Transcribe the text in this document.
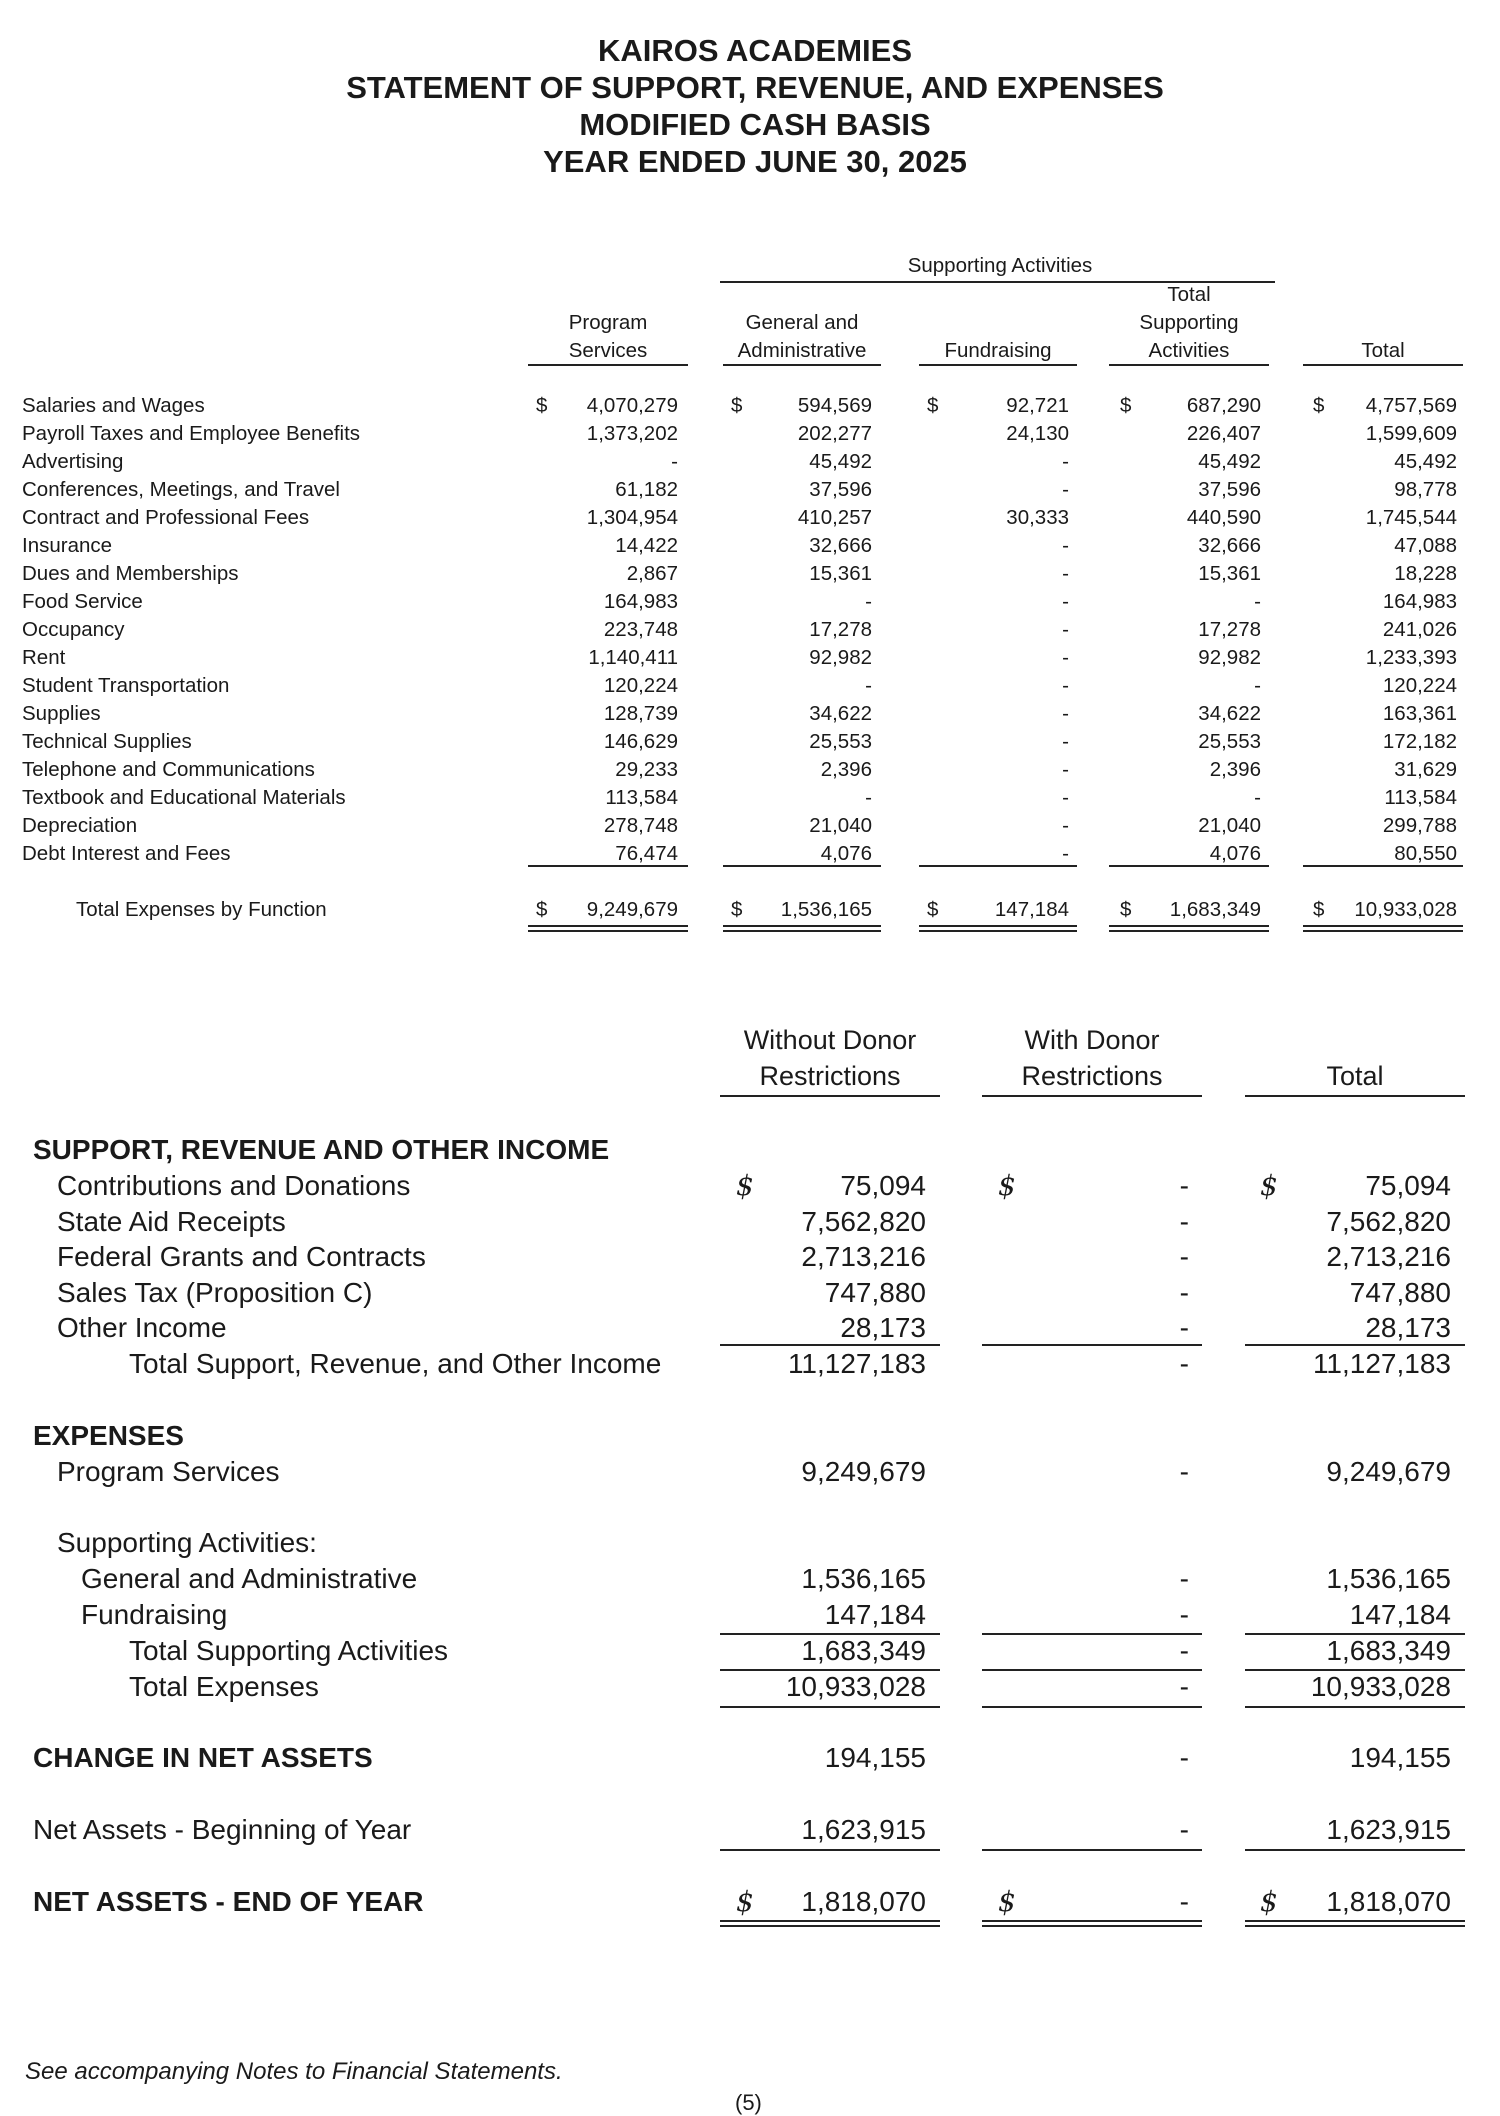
KAIROS ACADEMIES
STATEMENT OF SUPPORT, REVENUE, AND EXPENSES
MODIFIED CASH BASIS
YEAR ENDED JUNE 30, 2025
Supporting Activities
Program
Services
General and
Administrative	Fundraising
Total
Supporting
Activities	Total
Salaries and Wages	$	4,070,279	$	594,569	$	92,721 $	687,290	$	4,757,569
Payroll Taxes and Employee Benefits	1,373,202	202,277	24,130	226,407	1,599,609
Advertising	-	45,492	-	45,492	45,492
Conferences, Meetings, and Travel	61,182	37,596	-	37,596	98,778
Contract and Professional Fees	1,304,954	410,257	30,333	440,590	1,745,544
Insurance	14,422	32,666	-	32,666	47,088
Dues and Memberships	2,867	15,361	-	15,361	18,228
Food Service	164,983	-	-	-	164,983
Occupancy	223,748	17,278	-	17,278	241,026
Rent	1,140,411	92,982	-	92,982	1,233,393
Student Transportation	120,224	-	-	-	120,224
Supplies	128,739	34,622	-	34,622	163,361
Technical Supplies	146,629	25,553	-	25,553	172,182
Telephone and Communications	29,233	2,396	-	2,396	31,629
Textbook and Educational Materials	113,584	-	-	-	113,584
Depreciation	278,748	21,040	-	21,040	299,788
Debt Interest and Fees	76,474	4,076	-	4,076	80,550
Total Expenses by Function	$	9,249,679	$	1,536,165	$	147,184 $	1,683,349	$	10,933,028
Without Donor
Restrictions
With Donor
Restrictions	Total
SUPPORT, REVENUE AND OTHER INCOME
Contributions and Donations	$	75,094	$	-	$	75,094
State Aid Receipts	7,562,820	-	7,562,820
Federal Grants and Contracts	2,713,216	-	2,713,216
Sales Tax (Proposition C)	747,880	-	747,880
Other Income	28,173	-	28,173
Total Support, Revenue, and Other Income	11,127,183	-	11,127,183
EXPENSES
Program Services	9,249,679	-	9,249,679
Supporting Activities:
General and Administrative	1,536,165	-	1,536,165
Fundraising	147,184	-	147,184
Total Supporting Activities	1,683,349	-	1,683,349
Total Expenses	10,933,028	-	10,933,028
CHANGE IN NET ASSETS	194,155	-	194,155
Net Assets - Beginning of Year	1,623,915	-	1,623,915
NET ASSETS - END OF YEAR	$	1,818,070	$	-	$	1,818,070
See accompanying Notes to Financial Statements.
(5)
